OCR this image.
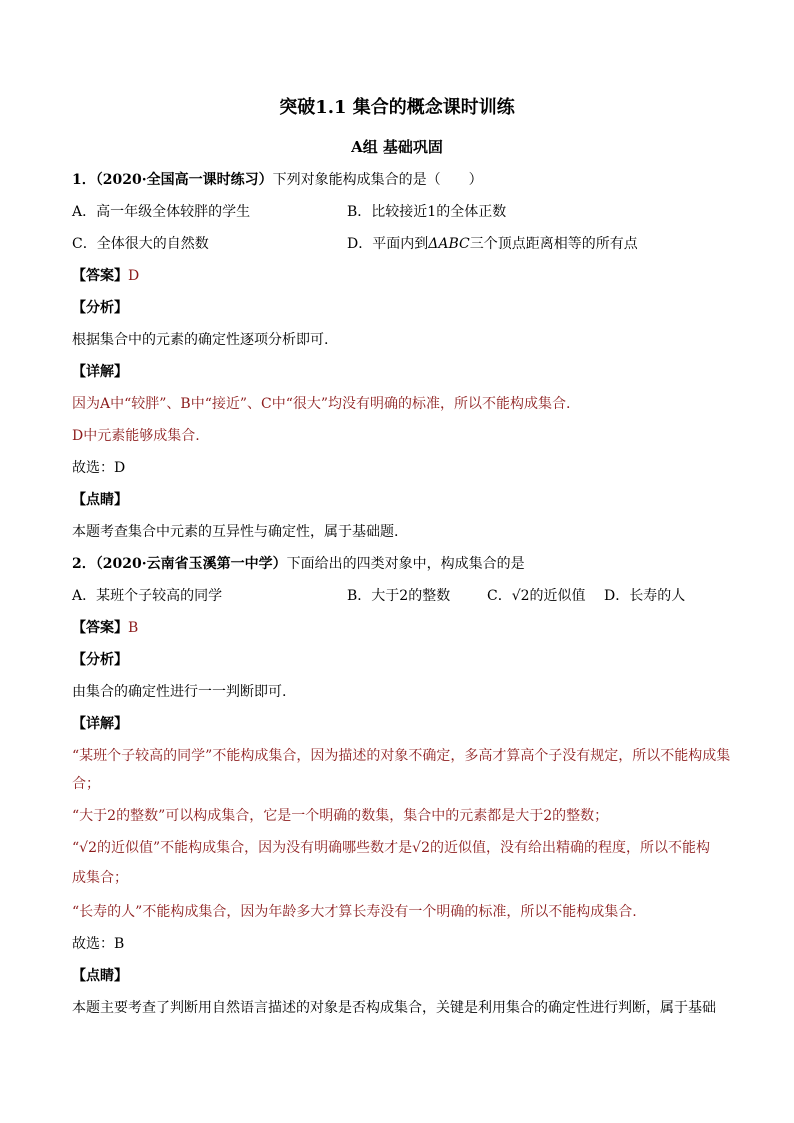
突破1.1 集合的概念课时训练
A组 基础巩固
1．（2020·全国高一课时练习）下列对象能构成集合的是（　　）
A．高一年级全体较胖的学生	B．比较接近1的全体正数
C．全体很大的自然数	D．平面内到ΔABC三个顶点距离相等的所有点
【答案】D
【分析】
根据集合中的元素的确定性逐项分析即可.
【详解】
因为A中“较胖”、B中“接近”、C中“很大”均没有明确的标准，所以不能构成集合.
D中元素能够成集合.
故选：D
【点睛】
本题考查集合中元素的互异性与确定性，属于基础题.
2．（2020·云南省玉溪第一中学）下面给出的四类对象中，构成集合的是
A．某班个子较高的同学	B．大于2的整数	C．√2的近似值 D．长寿的人
【答案】B
【分析】
由集合的确定性进行一一判断即可.
【详解】
“某班个子较高的同学”不能构成集合，因为描述的对象不确定，多高才算高个子没有规定，所以不能构成集
合；
“大于2的整数”可以构成集合，它是一个明确的数集，集合中的元素都是大于2的整数；
“√2的近似值”不能构成集合，因为没有明确哪些数才是√2的近似值，没有给出精确的程度，所以不能构
成集合；
“长寿的人”不能构成集合，因为年龄多大才算长寿没有一个明确的标准，所以不能构成集合.
故选：B
【点睛】
本题主要考查了判断用自然语言描述的对象是否构成集合，关键是利用集合的确定性进行判断，属于基础
